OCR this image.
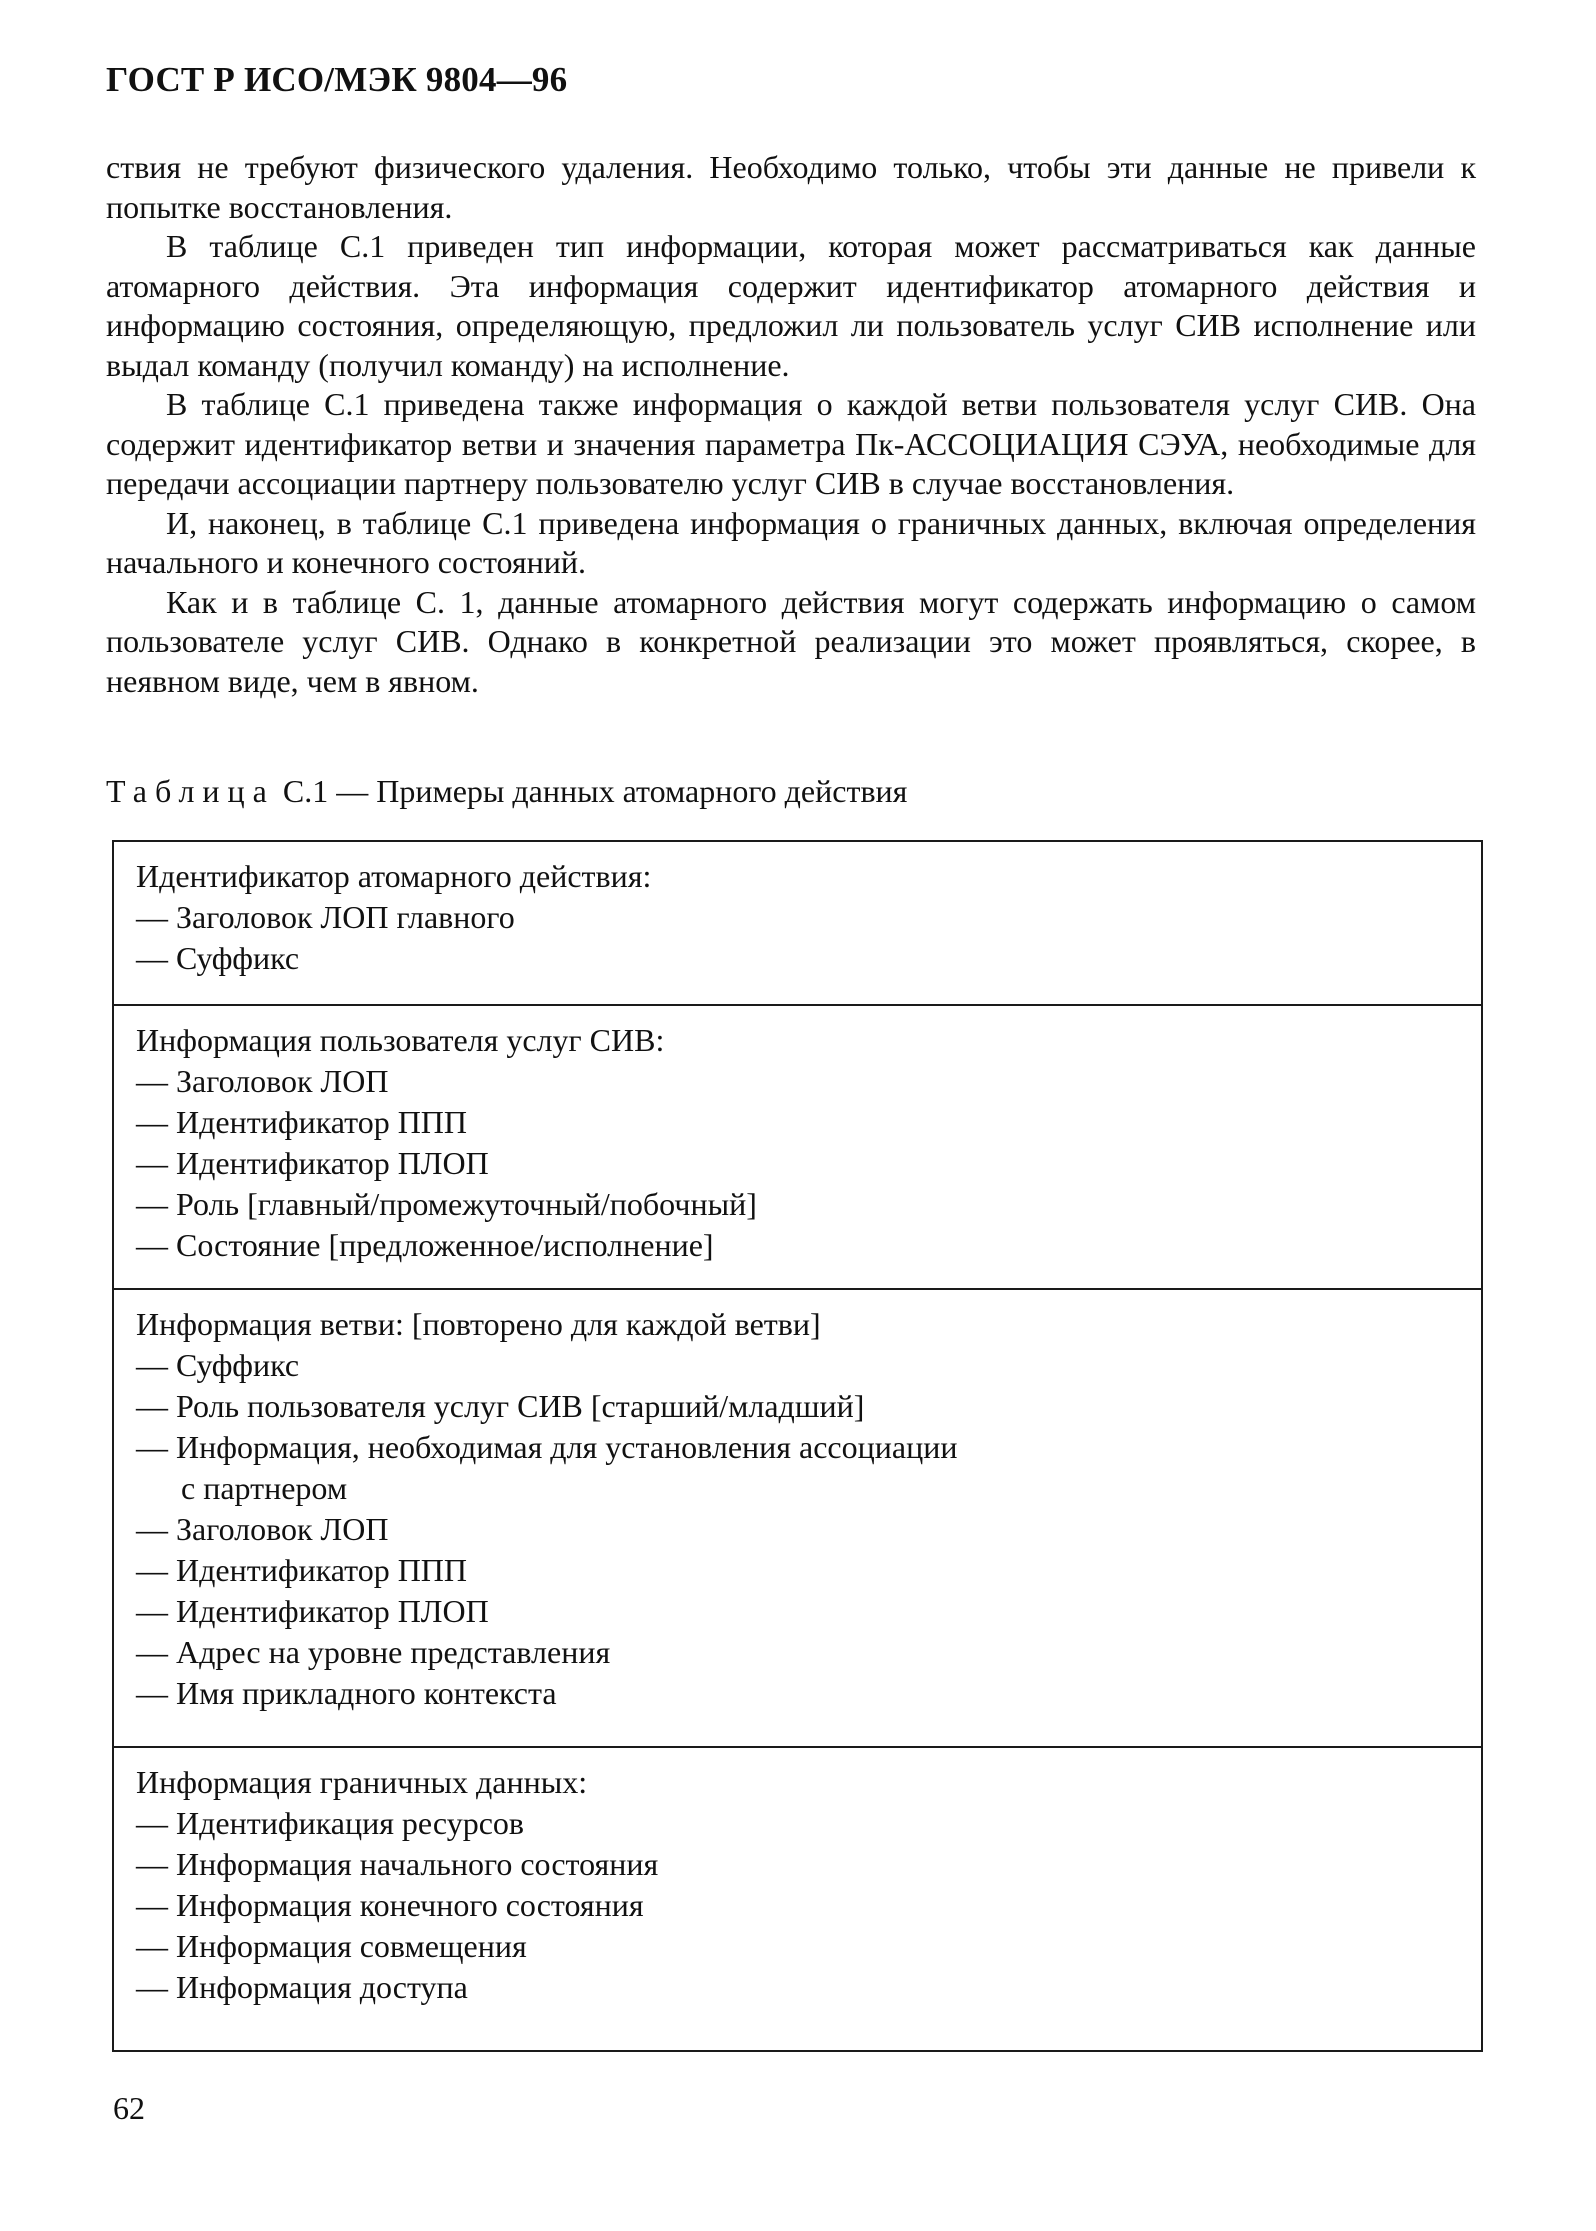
ГОСТ Р ИСО/МЭК 9804—96

ствия не требуют физического удаления. Необходимо только, чтобы эти данные не привели к попытке восстановления.

В таблице С.1 приведен тип информации, которая может рассматриваться как данные атомарного действия. Эта информация содержит идентификатор атомарного действия и информацию состояния, определяющую, предложил ли пользователь услуг СИВ исполнение или выдал команду (получил команду) на исполнение.

В таблице С.1 приведена также информация о каждой ветви пользователя услуг СИВ. Она содержит идентификатор ветви и значения параметра Пк-АССОЦИАЦИЯ СЭУА, необходимые для передачи ассоциации партнеру пользователю услуг СИВ в случае восстановления.

И, наконец, в таблице С.1 приведена информация о граничных данных, включая определения начального и конечного состояний.

Как и в таблице С. 1, данные атомарного действия могут содержать информацию о самом пользователе услуг СИВ. Однако в конкретной реализации это может проявляться, скорее, в неявном виде, чем в явном.

Таблица С.1 — Примеры данных атомарного действия
Идентификатор атомарного действия:
— Заголовок ЛОП главного
— Суффикс
Информация пользователя услуг СИВ:
— Заголовок ЛОП
— Идентификатор ППП
— Идентификатор ПЛОП
— Роль [главный/промежуточный/побочный]
— Состояние [предложенное/исполнение]
Информация ветви: [повторено для каждой ветви]
— Суффикс
— Роль пользователя услуг СИВ [старший/младший]
— Информация, необходимая для установления ассоциации
с партнером
— Заголовок ЛОП
— Идентификатор ППП
— Идентификатор ПЛОП
— Адрес на уровне представления
— Имя прикладного контекста
Информация граничных данных:
— Идентификация ресурсов
— Информация начального состояния
— Информация конечного состояния
— Информация совмещения
— Информация доступа
62
